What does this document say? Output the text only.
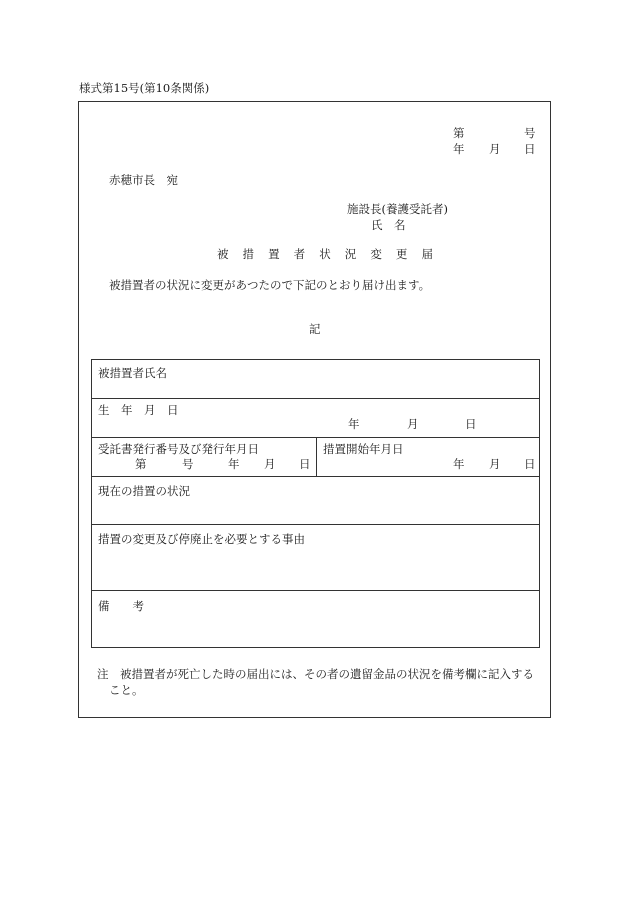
様式第15号(第10条関係)
第	号
年 月 日
赤穂市長　宛
施設長(養護受託者)
氏　名
被 措 置 者 状 況 変 更 届
被措置者の状況に変更があつたので下記のとおり届け出ます。
記
被措置者氏名
生　年　月　日
年	月	日
受託書発行番号及び発行年月日
第	号	年 月 日
措置開始年月日
年 月 日
現在の措置の状況
措置の変更及び停廃止を必要とする事由
備　　考
注　被措置者が死亡した時の届出には、その者の遺留金品の状況を備考欄に記入する
こと。
